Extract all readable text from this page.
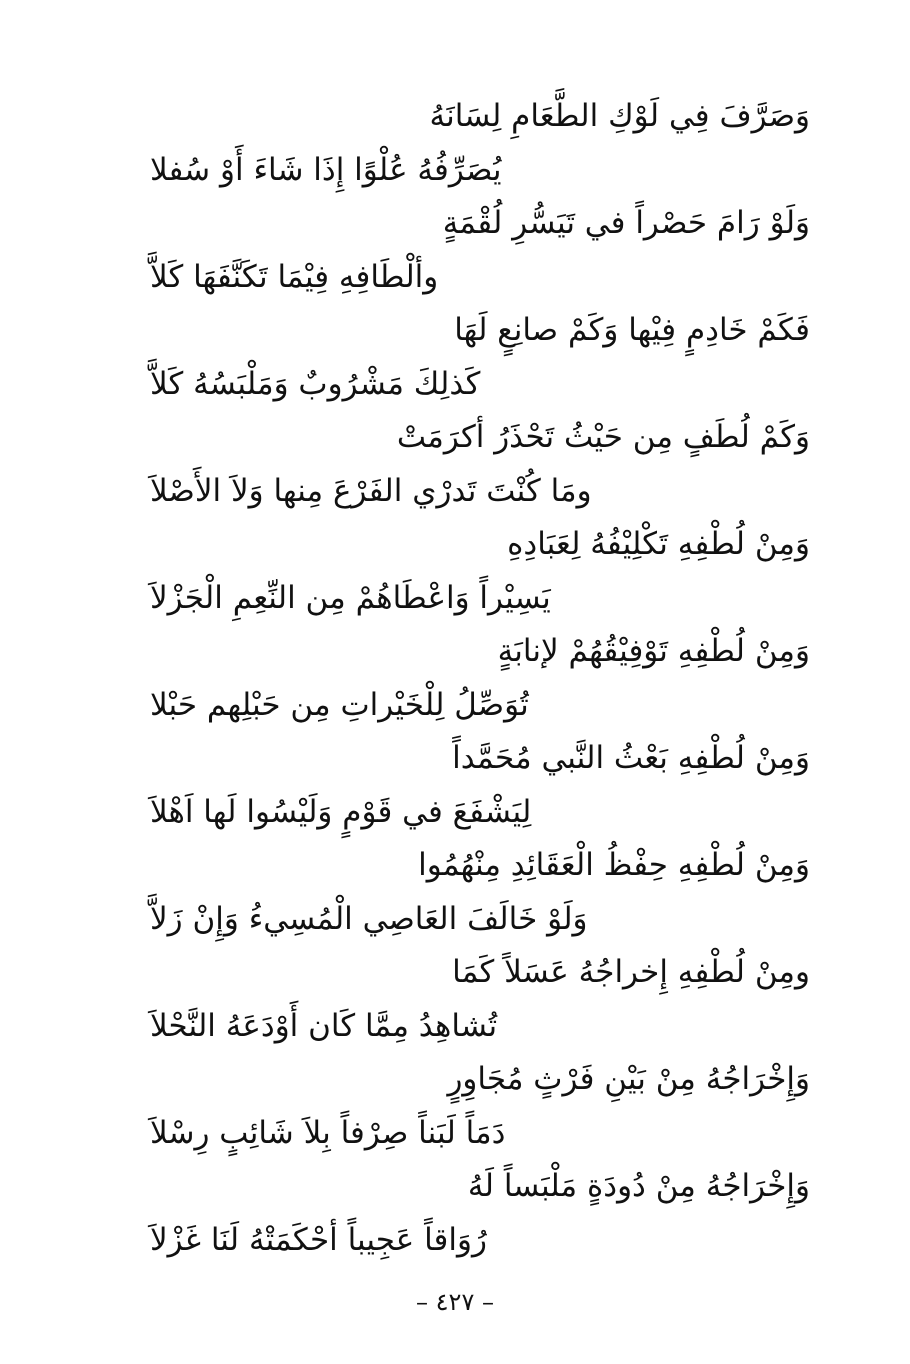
وَصَرَّفَ فِي لَوْكِ الطَّعَامِ لِسَانَهُ
يُصَرِّفُهُ عُلْوًا إِذَا شَاءَ أَوْ سُفلا
وَلَوْ رَامَ حَصْراً في تَيَسُّرِ لُقْمَةٍ
وألْطَافِهِ فِيْمَا تَكَنَّفَهَا كَلاَّ
فَكَمْ خَادِمٍ فِيْها وَكَمْ صانِعٍ لَهَا
كَذلِكَ مَشْرُوبٌ وَمَلْبَسُهُ كَلاَّ
وَكَمْ لُطَفٍ مِن حَيْثُ تَحْذَرُ أكرَمَتْ
ومَا كُنْتَ تَدرْي الفَرْعَ مِنها وَلاَ الأَصْلاَ
وَمِنْ لُطْفِهِ تَكْلِيْفُهُ لِعَبَادِهِ
يَسِيْراً وَاعْطَاهُمْ مِن النِّعِمِ الْجَزْلاَ
وَمِنْ لُطْفِهِ تَوْفِيْقُهُمْ لإنابَةٍ
تُوَصِّلُ لِلْخَيْراتِ مِن حَبْلِهم حَبْلا
وَمِنْ لُطْفِهِ بَعْثُ النَّبي مُحَمَّداً
لِيَشْفَعَ في قَوْمٍ وَلَيْسُوا لَها اَهْلاَ
وَمِنْ لُطْفِهِ حِفْظُ الْعَقَائِدِ مِنْهُمُوا
وَلَوْ خَالَفَ العَاصِي الْمُسِيءُ وَإِنْ زَلاَّ
ومِنْ لُطْفِهِ إِخراجُهُ عَسَلاً كَمَا
تُشاهِدُ مِمَّا كَان أَوْدَعَهُ النَّحْلاَ
وَإِخْرَاجُهُ مِنْ بَيْنِ فَرْثٍ مُجَاوِرٍ
دَمَاً لَبَناً صِرْفاً بِلاَ شَائِبٍ رِسْلاَ
وَإِخْرَاجُهُ مِنْ دُودَةٍ مَلْبَساً لَهُ
رُوَاقاً عَجِيباً أحْكَمَتْهُ لَنَا غَزْلاَ
– ٤٢٧ –
